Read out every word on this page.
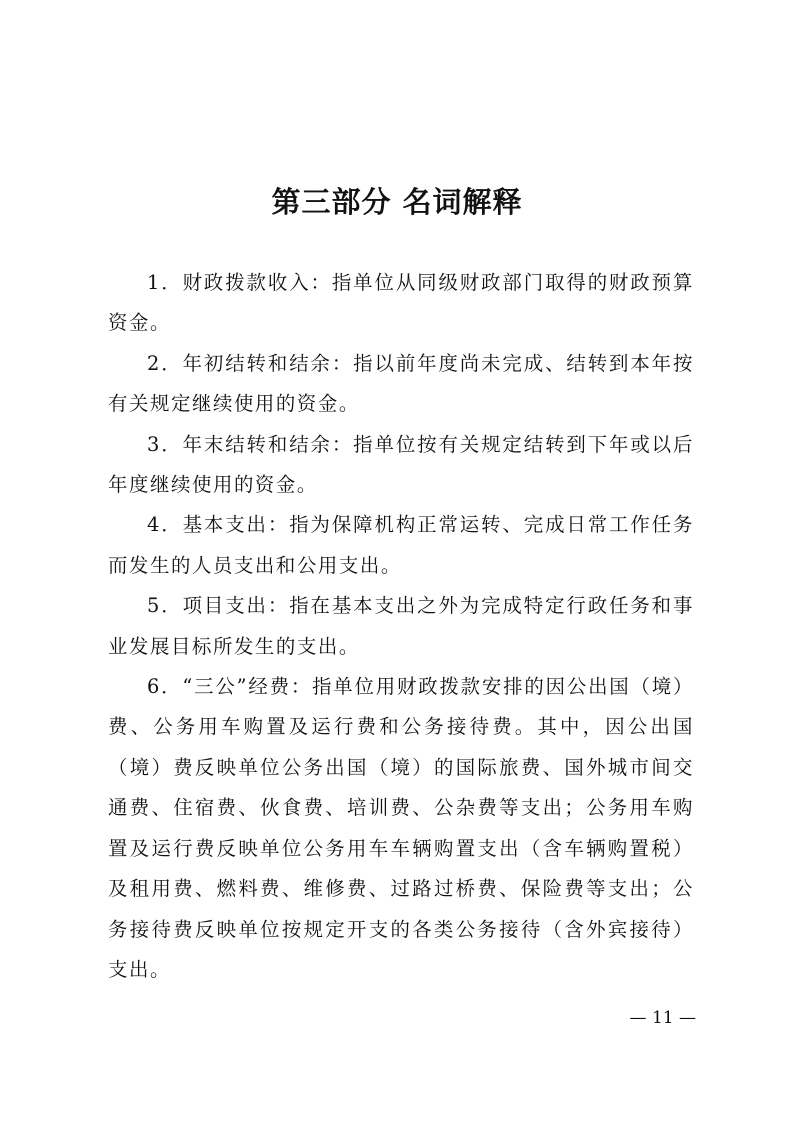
第三部分 名词解释

1．财政拨款收入：指单位从同级财政部门取得的财政预算资金。

2．年初结转和结余：指以前年度尚未完成、结转到本年按有关规定继续使用的资金。

3．年末结转和结余：指单位按有关规定结转到下年或以后年度继续使用的资金。

4．基本支出：指为保障机构正常运转、完成日常工作任务而发生的人员支出和公用支出。

5．项目支出：指在基本支出之外为完成特定行政任务和事业发展目标所发生的支出。

6．“三公”经费：指单位用财政拨款安排的因公出国（境）费、公务用车购置及运行费和公务接待费。其中，因公出国（境）费反映单位公务出国（境）的国际旅费、国外城市间交通费、住宿费、伙食费、培训费、公杂费等支出；公务用车购置及运行费反映单位公务用车车辆购置支出（含车辆购置税）及租用费、燃料费、维修费、过路过桥费、保险费等支出；公务接待费反映单位按规定开支的各类公务接待（含外宾接待）支出。

— 11 —
